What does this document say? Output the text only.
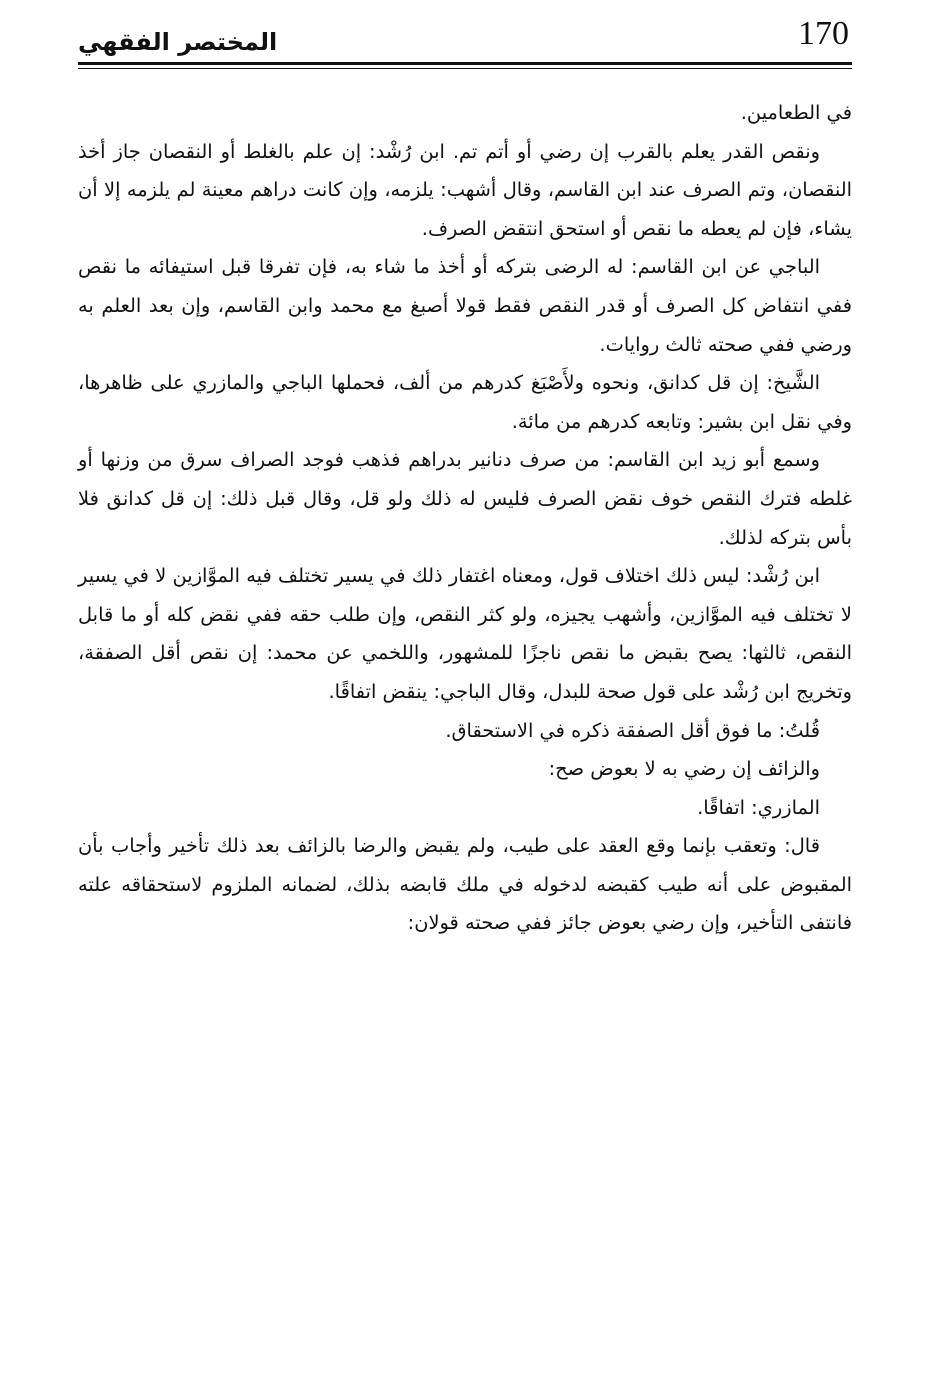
170
المختصر الفقهي

في الطعامين.

ونقص القدر يعلم بالقرب إن رضي أو أتم تم. ابن رُشْد: إن علم بالغلط أو النقصان جاز أخذ النقصان، وتم الصرف عند ابن القاسم، وقال أشهب: يلزمه، وإن كانت دراهم معينة لم يلزمه إلا أن يشاء، فإن لم يعطه ما نقص أو استحق انتقض الصرف.

الباجي عن ابن القاسم: له الرضى بتركه أو أخذ ما شاء به، فإن تفرقا قبل استيفائه ما نقص ففي انتفاض كل الصرف أو قدر النقص فقط قولا أصبغ مع محمد وابن القاسم، وإن بعد العلم به ورضي ففي صحته ثالث روايات.

الشَّيخ: إن قل كدانق، ونحوه ولأَصْبَغ كدرهم من ألف، فحملها الباجي والمازري على ظاهرها، وفي نقل ابن بشير: وتابعه كدرهم من مائة.

وسمع أبو زيد ابن القاسم: من صرف دنانير بدراهم فذهب فوجد الصراف سرق من وزنها أو غلطه فترك النقص خوف نقض الصرف فليس له ذلك ولو قل، وقال قبل ذلك: إن قل كدانق فلا بأس بتركه لذلك.

ابن رُشْد: ليس ذلك اختلاف قول، ومعناه اغتفار ذلك في يسير تختلف فيه الموَّازين لا في يسير لا تختلف فيه الموَّازين، وأشهب يجيزه، ولو كثر النقص، وإن طلب حقه ففي نقض كله أو ما قابل النقص، ثالثها: يصح بقبض ما نقص ناجزًا للمشهور، واللخمي عن محمد: إن نقص أقل الصفقة، وتخريج ابن رُشْد على قول صحة للبدل، وقال الباجي: ينقض اتفاقًا.

قُلتُ: ما فوق أقل الصفقة ذكره في الاستحقاق.

والزائف إن رضي به لا بعوض صح:

المازري: اتفاقًا.

قال: وتعقب بإنما وقع العقد على طيب، ولم يقبض والرضا بالزائف بعد ذلك تأخير وأجاب بأن المقبوض على أنه طيب كقبضه لدخوله في ملك قابضه بذلك، لضمانه الملزوم لاستحقاقه علته فانتفى التأخير، وإن رضي بعوض جائز ففي صحته قولان:
